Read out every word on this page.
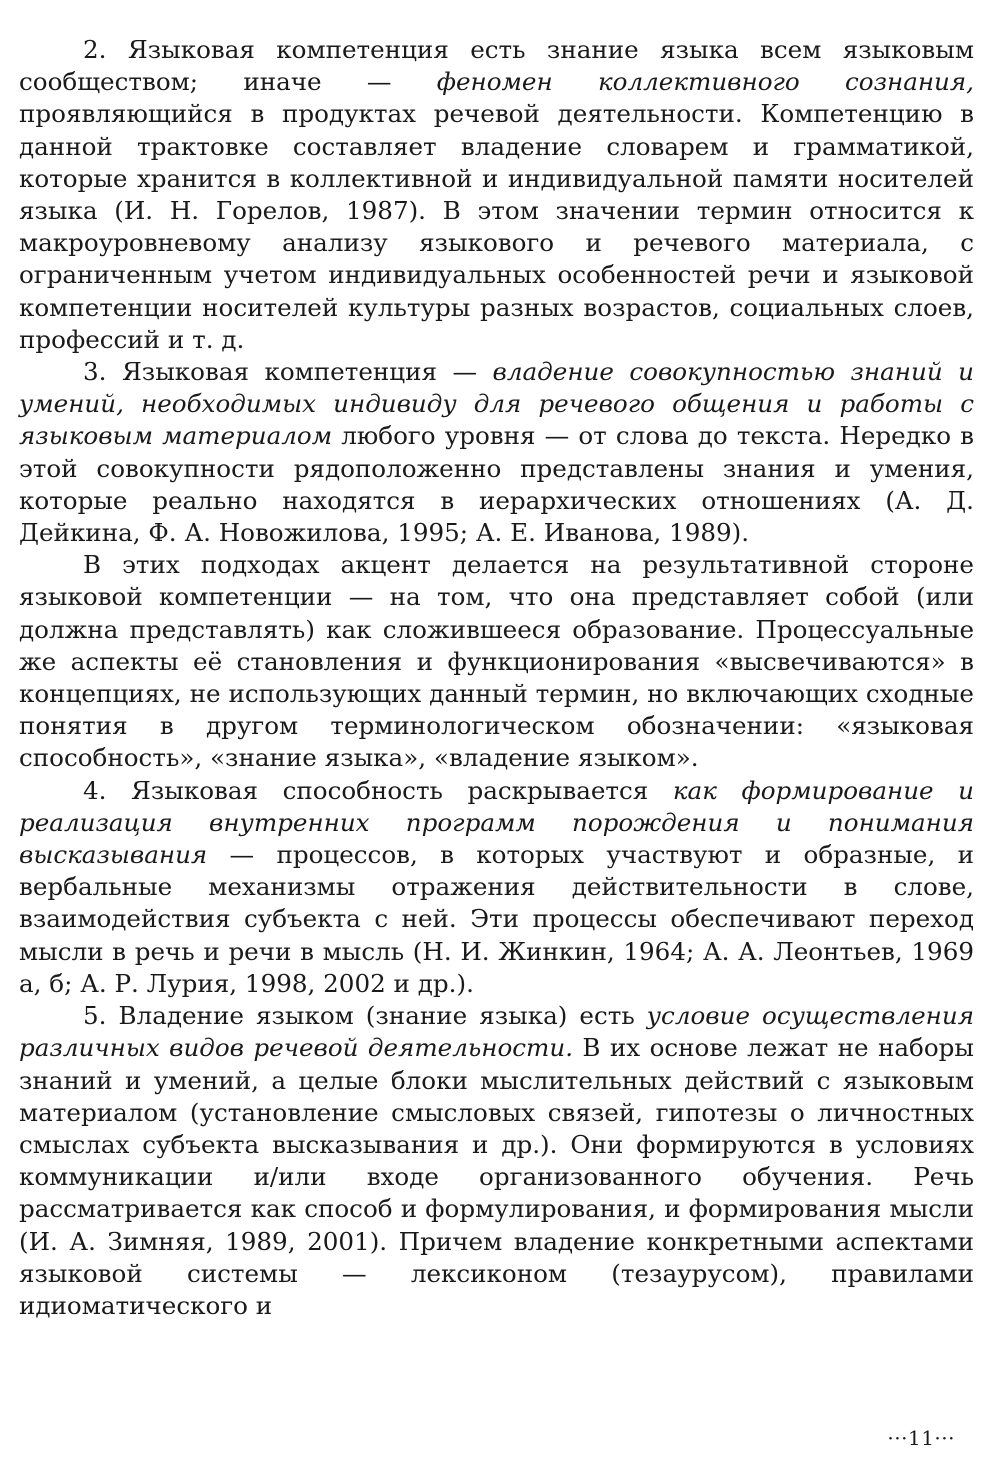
2. Языковая компетенция есть знание языка всем языковым сообществом; иначе — феномен коллективного сознания, проявляющийся в продуктах речевой деятельности. Компетенцию в данной трактовке составляет владение словарем и грамматикой, которые хранится в коллективной и индивидуальной памяти носителей языка (И. Н. Горелов, 1987). В этом значении термин относится к макроуровневому анализу языкового и речевого материала, с ограниченным учетом индивидуальных особенностей речи и языковой компетенции носителей культуры разных возрастов, социальных слоев, профессий и т. д.

3. Языковая компетенция — владение совокупностью знаний и умений, необходимых индивиду для речевого общения и работы с языковым материалом любого уровня — от слова до текста. Нередко в этой совокупности рядоположенно представлены знания и умения, которые реально находятся в иерархических отношениях (А. Д. Дейкина, Ф. А. Новожилова, 1995; А. Е. Иванова, 1989).

В этих подходах акцент делается на результативной стороне языковой компетенции — на том, что она представляет собой (или должна представлять) как сложившееся образование. Процессуальные же аспекты её становления и функционирования «высвечиваются» в концепциях, не использующих данный термин, но включающих сходные понятия в другом терминологическом обозначении: «языковая способность», «знание языка», «владение языком».

4. Языковая способность раскрывается как формирование и реализация внутренних программ порождения и понимания высказывания — процессов, в которых участвуют и образные, и вербальные механизмы отражения действительности в слове, взаимодействия субъекта с ней. Эти процессы обеспечивают переход мысли в речь и речи в мысль (Н. И. Жинкин, 1964; А. А. Леонтьев, 1969 а, б; А. Р. Лурия, 1998, 2002 и др.).

5. Владение языком (знание языка) есть условие осуществления различных видов речевой деятельности. В их основе лежат не наборы знаний и умений, а целые блоки мыслительных действий с языковым материалом (установление смысловых связей, гипотезы о личностных смыслах субъекта высказывания и др.). Они формируются в условиях коммуникации и/или входе организованного обучения. Речь рассматривается как способ и формулирования, и формирования мысли (И. А. Зимняя, 1989, 2001). Причем владение конкретными аспектами языковой системы — лексиконом (тезаурусом), правилами идиоматического и

···11···
